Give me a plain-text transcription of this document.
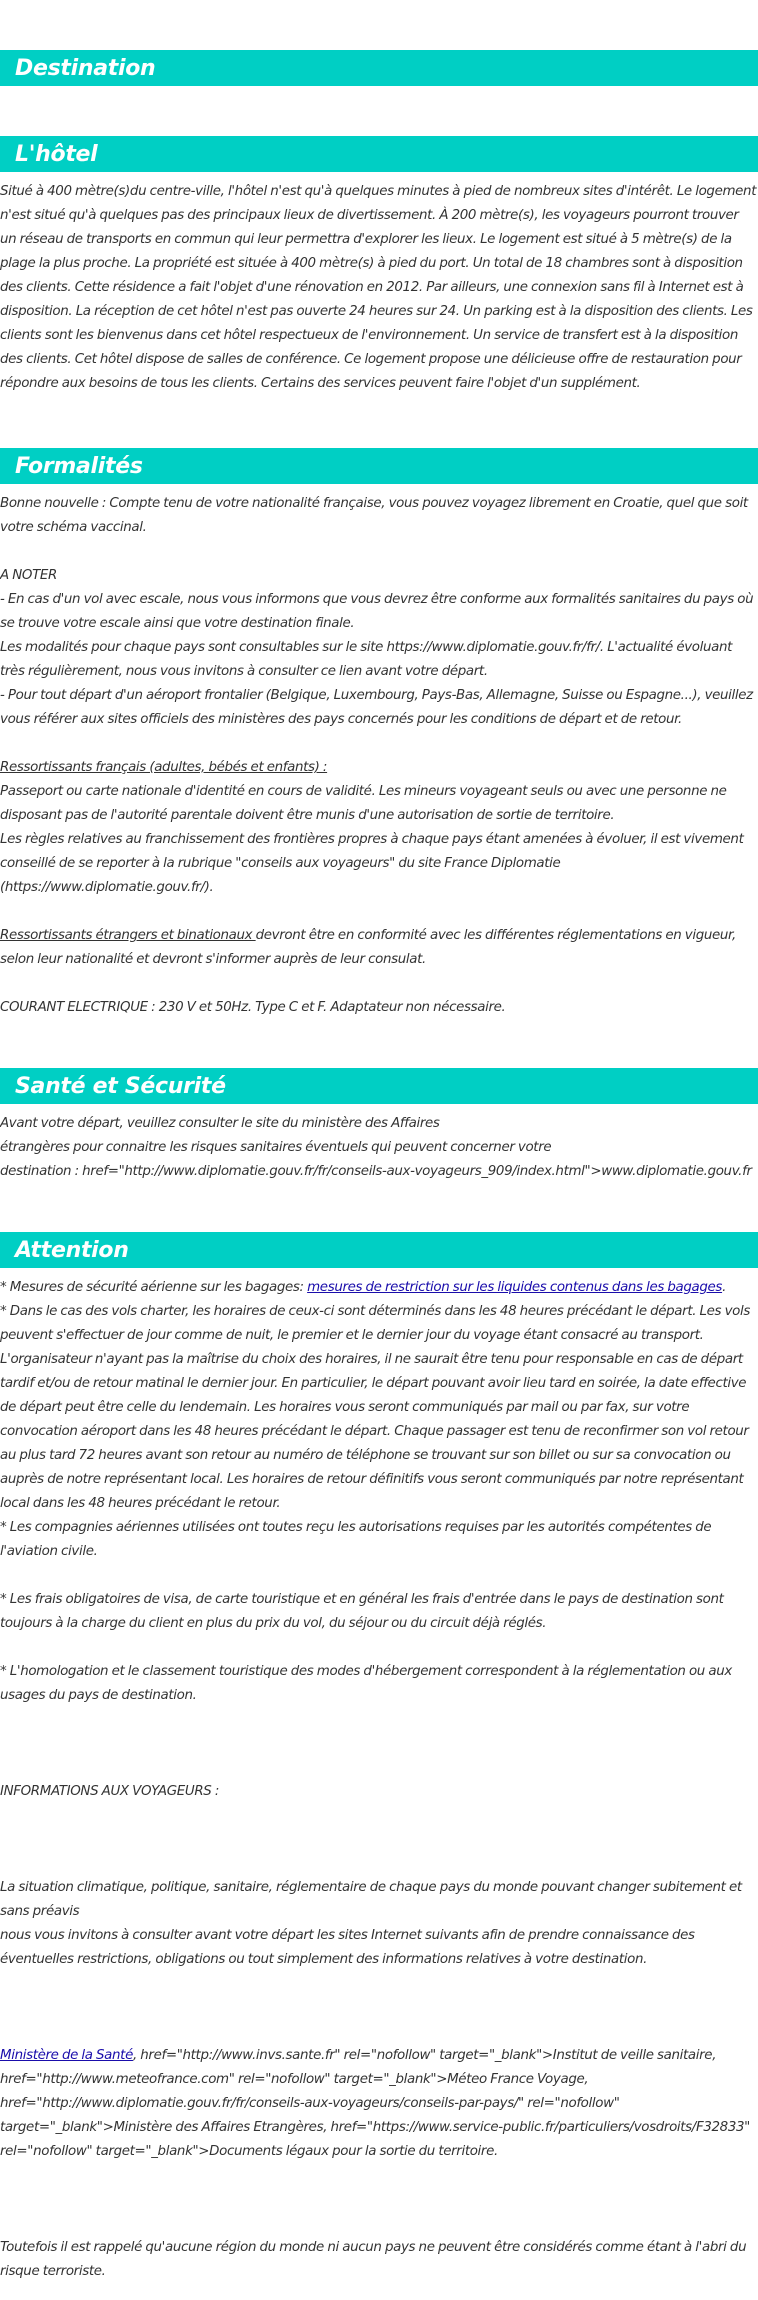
Destination
L'hôtel

Situé à 400 mètre(s)du centre-ville, l'hôtel n'est qu'à quelques minutes à pied de nombreux sites d'intérêt. Le logement n'est situé qu'à quelques pas des principaux lieux de divertissement. À 200 mètre(s), les voyageurs pourront trouver un réseau de transports en commun qui leur permettra d'explorer les lieux. Le logement est situé à 5 mètre(s) de la plage la plus proche. La propriété est située à 400 mètre(s) à pied du port. Un total de 18 chambres sont à disposition des clients. Cette résidence a fait l'objet d'une rénovation en 2012. Par ailleurs, une connexion sans fil à Internet est à disposition. La réception de cet hôtel n'est pas ouverte 24 heures sur 24. Un parking est à la disposition des clients. Les clients sont les bienvenus dans cet hôtel respectueux de l'environnement. Un service de transfert est à la disposition des clients. Cet hôtel dispose de salles de conférence. Ce logement propose une délicieuse offre de restauration pour répondre aux besoins de tous les clients. Certains des services peuvent faire l'objet d'un supplément.

Formalités

Bonne nouvelle : Compte tenu de votre nationalité française, vous pouvez voyagez librement en Croatie, quel que soit votre schéma vaccinal.

A NOTER

- En cas d'un vol avec escale, nous vous informons que vous devrez être conforme aux formalités sanitaires du pays où se trouve votre escale ainsi que votre destination finale.

Les modalités pour chaque pays sont consultables sur le site https://www.diplomatie.gouv.fr/fr/. L'actualité évoluant très régulièrement, nous vous invitons à consulter ce lien avant votre départ.

- Pour tout départ d'un aéroport frontalier (Belgique, Luxembourg, Pays-Bas, Allemagne, Suisse ou Espagne...), veuillez vous référer aux sites officiels des ministères des pays concernés pour les conditions de départ et de retour.

Ressortissants français (adultes, bébés et enfants) :

Passeport ou carte nationale d'identité en cours de validité. Les mineurs voyageant seuls ou avec une personne ne disposant pas de l'autorité parentale doivent être munis d'une autorisation de sortie de territoire.

Les règles relatives au franchissement des frontières propres à chaque pays étant amenées à évoluer, il est vivement conseillé de se reporter à la rubrique "conseils aux voyageurs" du site France Diplomatie (https://www.diplomatie.gouv.fr/).

Ressortissants étrangers et binationaux devront être en conformité avec les différentes réglementations en vigueur, selon leur nationalité et devront s'informer auprès de leur consulat.

COURANT ELECTRIQUE : 230 V et 50Hz. Type C et F. Adaptateur non nécessaire.

Santé et Sécurité

Avant votre départ, veuillez consulter le site du ministère des Affaires

étrangères pour connaitre les risques sanitaires éventuels qui peuvent concerner votre

destination : href="http://www.diplomatie.gouv.fr/fr/conseils-aux-voyageurs_909/index.html">www.diplomatie.gouv.fr

Attention

* Mesures de sécurité aérienne sur les bagages: mesures de restriction sur les liquides contenus dans les bagages.

* Dans le cas des vols charter, les horaires de ceux-ci sont déterminés dans les 48 heures précédant le départ. Les vols peuvent s'effectuer de jour comme de nuit, le premier et le dernier jour du voyage étant consacré au transport. L'organisateur n'ayant pas la maîtrise du choix des horaires, il ne saurait être tenu pour responsable en cas de départ tardif et/ou de retour matinal le dernier jour. En particulier, le départ pouvant avoir lieu tard en soirée, la date effective de départ peut être celle du lendemain. Les horaires vous seront communiqués par mail ou par fax, sur votre convocation aéroport dans les 48 heures précédant le départ. Chaque passager est tenu de reconfirmer son vol retour au plus tard 72 heures avant son retour au numéro de téléphone se trouvant sur son billet ou sur sa convocation ou auprès de notre représentant local. Les horaires de retour définitifs vous seront communiqués par notre représentant local dans les 48 heures précédant le retour.

* Les compagnies aériennes utilisées ont toutes reçu les autorisations requises par les autorités compétentes de l'aviation civile.

* Les frais obligatoires de visa, de carte touristique et en général les frais d'entrée dans le pays de destination sont toujours à la charge du client en plus du prix du vol, du séjour ou du circuit déjà réglés.

* L'homologation et le classement touristique des modes d'hébergement correspondent à la réglementation ou aux usages du pays de destination.

INFORMATIONS AUX VOYAGEURS :

La situation climatique, politique, sanitaire, réglementaire de chaque pays du monde pouvant changer subitement et sans préavis

nous vous invitons à consulter avant votre départ les sites Internet suivants afin de prendre connaissance des éventuelles restrictions, obligations ou tout simplement des informations relatives à votre destination.

Ministère de la Santé, href="http://www.invs.sante.fr" rel="nofollow" target="_blank">Institut de veille sanitaire, href="http://www.meteofrance.com" rel="nofollow" target="_blank">Méteo France Voyage, href="http://www.diplomatie.gouv.fr/fr/conseils-aux-voyageurs/conseils-par-pays/" rel="nofollow" target="_blank">Ministère des Affaires Etrangères, href="https://www.service-public.fr/particuliers/vosdroits/F32833" rel="nofollow" target="_blank">Documents légaux pour la sortie du territoire.

Toutefois il est rappelé qu'aucune région du monde ni aucun pays ne peuvent être considérés comme étant à l'abri du risque terroriste.
